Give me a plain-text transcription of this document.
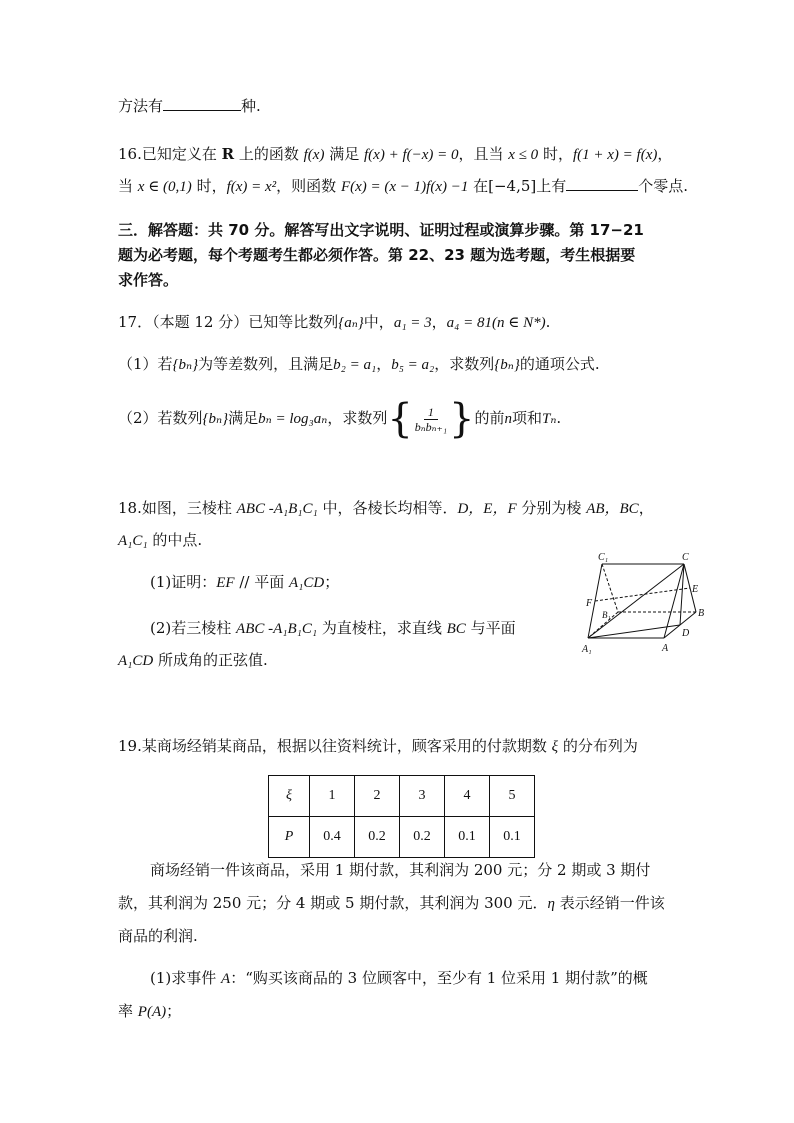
方法有	种.
16.已知定义在 R 上的函数 f(x) 满足 f(x) + f(−x) = 0，且当 x ≤ 0 时，f(1 + x) = f(x)，
当 x ∈ (0,1) 时，f(x) = x²，则函数 F(x) = (x − 1)f(x) −1 在[−4,5]上有	个零点.
三．解答题：共 70 分。解答写出文字说明、证明过程或演算步骤。第 17−21
题为必考题，每个考题考生都必须作答。第 22、23 题为选考题，考生根据要
求作答。
17．（本题 12 分）已知等比数列{aₙ}中，a₁ = 3，a₄ = 81(n ∈ N*).
（1）若{bₙ}为等差数列，且满足b₂ = a₁，b₅ = a₂，求数列{bₙ}的通项公式.
（2）若数列{bₙ}满足bₙ = log₃aₙ，求数列{ $\frac{1}{\text{bₙbₙ₊₁}}$ }的前n项和Tₙ.
18.如图，三棱柱 ABC -A₁B₁C₁ 中，各棱长均相等．D，E，F 分别为棱 AB，BC，
A₁C₁ 的中点.
(1)证明：EF // 平面 A₁CD；
(2)若三棱柱 ABC -A₁B₁C₁ 为直棱柱，求直线 BC 与平面
A₁CD 所成角的正弦值.
C₁	C
E
F
B₁	B
D
A₁	A
19.某商场经销某商品，根据以往资料统计，顾客采用的付款期数 ξ 的分布列为
ξ	1	2	3	4	5
P	0.4	0.2	0.2	0.1	0.1
商场经销一件该商品，采用 1 期付款，其利润为 200 元；分 2 期或 3 期付
款，其利润为 250 元；分 4 期或 5 期付款，其利润为 300 元．η 表示经销一件该
商品的利润.
(1)求事件 A：“购买该商品的 3 位顾客中，至少有 1 位采用 1 期付款”的概
率 P(A)；
